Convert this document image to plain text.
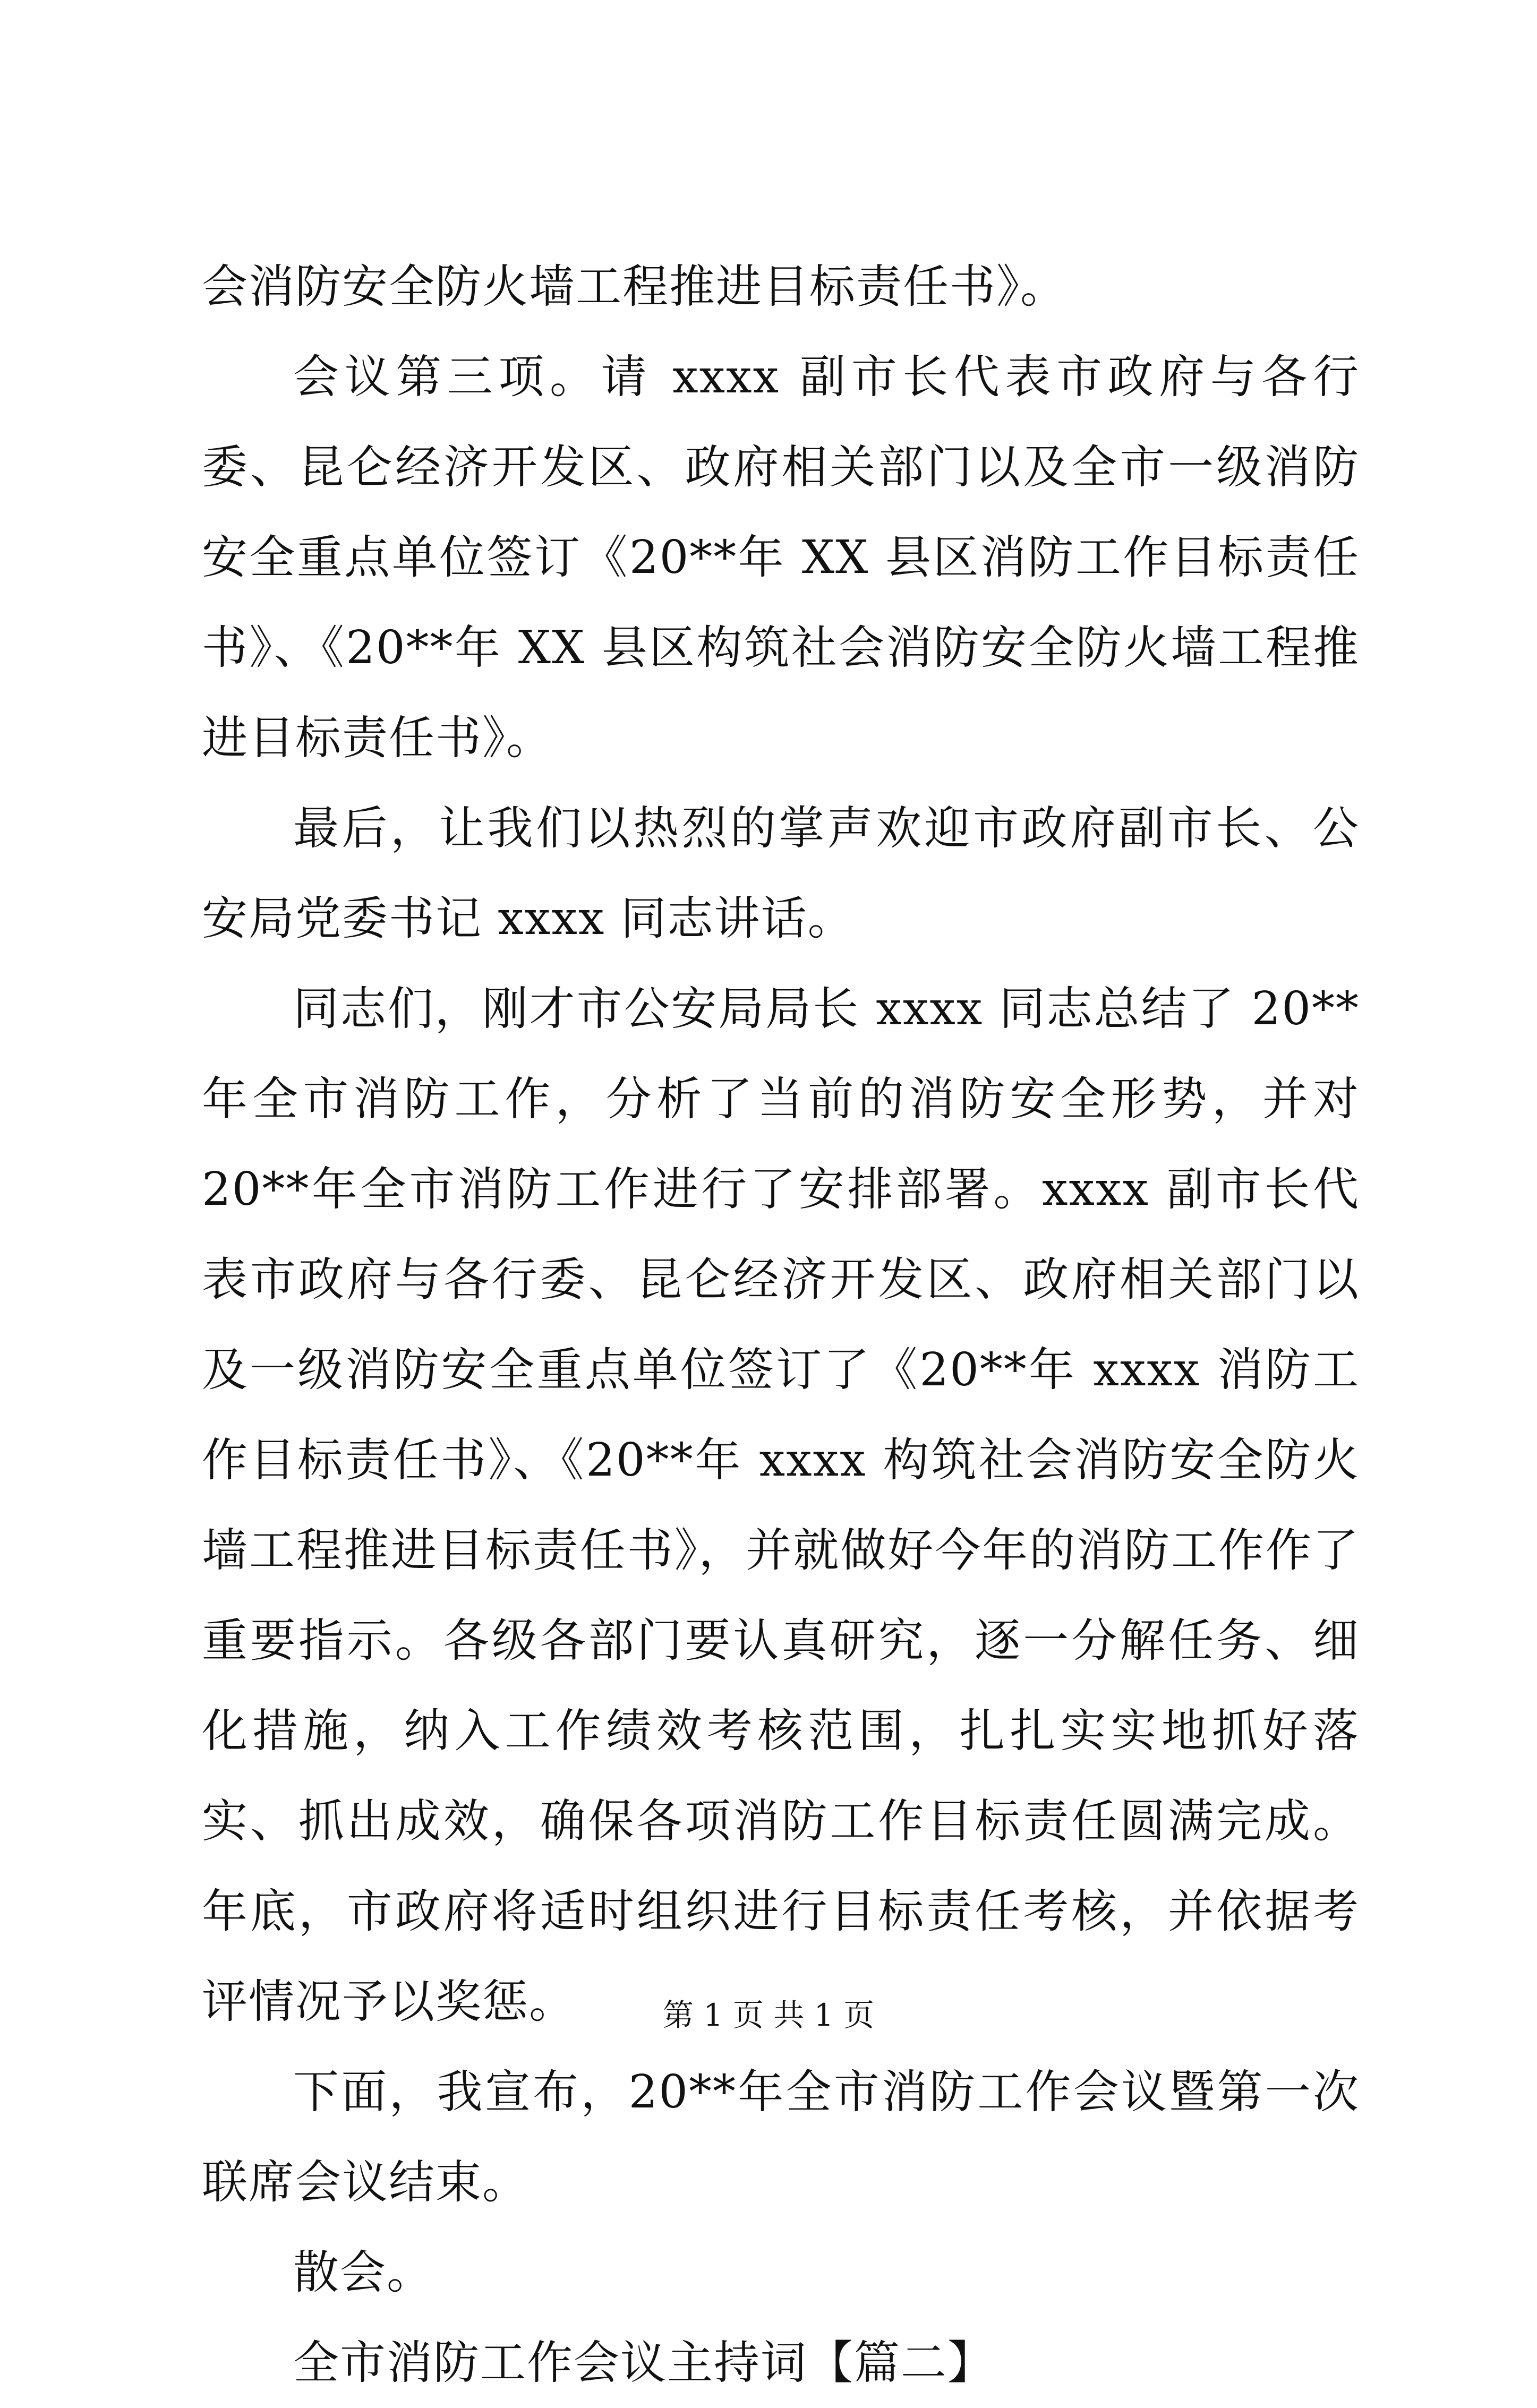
会消防安全防火墙工程推进目标责任书》。

会议第三项。请 xxxx 副市长代表市政府与各行委、昆仑经济开发区、政府相关部门以及全市一级消防安全重点单位签订《20**年 XX 县区消防工作目标责任书》、《20**年 XX 县区构筑社会消防安全防火墙工程推进目标责任书》。

最后，让我们以热烈的掌声欢迎市政府副市长、公安局党委书记 xxxx 同志讲话。

同志们，刚才市公安局局长 xxxx 同志总结了 20**年全市消防工作，分析了当前的消防安全形势，并对 20**年全市消防工作进行了安排部署。xxxx 副市长代表市政府与各行委、昆仑经济开发区、政府相关部门以及一级消防安全重点单位签订了《20**年 xxxx 消防工作目标责任书》、《20**年 xxxx 构筑社会消防安全防火墙工程推进目标责任书》，并就做好今年的消防工作作了重要指示。各级各部门要认真研究，逐一分解任务、细化措施，纳入工作绩效考核范围，扎扎实实地抓好落实、抓出成效，确保各项消防工作目标责任圆满完成。年底，市政府将适时组织进行目标责任考核，并依据考评情况予以奖惩。

下面，我宣布，20**年全市消防工作会议暨第一次联席会议结束。

散会。

全市消防工作会议主持词【篇二】

第 1 页 共 1 页
